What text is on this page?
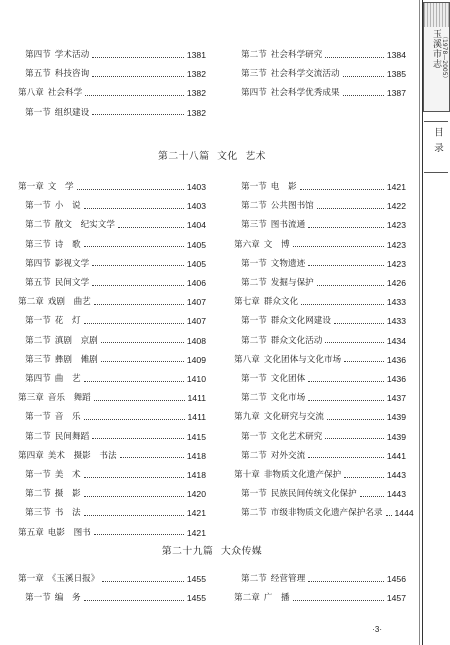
第四节 学术活动	1381
第五节 科技咨询	1382
第八章 社会科学	1382
第一节 组织建设	1382
第二节 社会科学研究	1384
第三节 社会科学交流活动	1385
第四节 社会科学优秀成果	1387
第二十八篇 文化 艺术
第一章 文　学	1403
第一节 小　说	1403
第二节 散文　纪实文学	1404
第三节 诗　歌	1405
第四节 影视文学	1405
第五节 民间文学	1406
第二章 戏剧　曲艺	1407
第一节 花　灯	1407
第二节 滇剧　京剧	1408
第三节 彝剧　傩剧	1409
第四节 曲　艺	1410
第三章 音乐　舞蹈	1411
第一节 音　乐	1411
第二节 民间舞蹈	1415
第四章 美术　摄影　书法	1418
第一节 美　术	1418
第二节 摄　影	1420
第三节 书　法	1421
第五章 电影　图书	1421
第一节 电　影	1421
第二节 公共图书馆	1422
第三节 图书流通	1423
第六章 文　博	1423
第一节 文物遗迹	1423
第二节 发掘与保护	1426
第七章 群众文化	1433
第一节 群众文化网建设	1433
第二节 群众文化活动	1434
第八章 文化团体与文化市场	1436
第一节 文化团体	1436
第二节 文化市场	1437
第九章 文化研究与交流	1439
第一节 文化艺术研究	1439
第二节 对外交流	1441
第十章 非物质文化遗产保护	1443
第一节 民族民间传统文化保护	1443
第二节 市级非物质文化遗产保护名录 1444
第二十九篇 大众传媒
第一章 《玉溪日报》	1455
第一节 编　务	1455
第二节 经营管理	1456
第二章 广　播	1457
·3·
玉溪市志 （1978—2005）
目录
